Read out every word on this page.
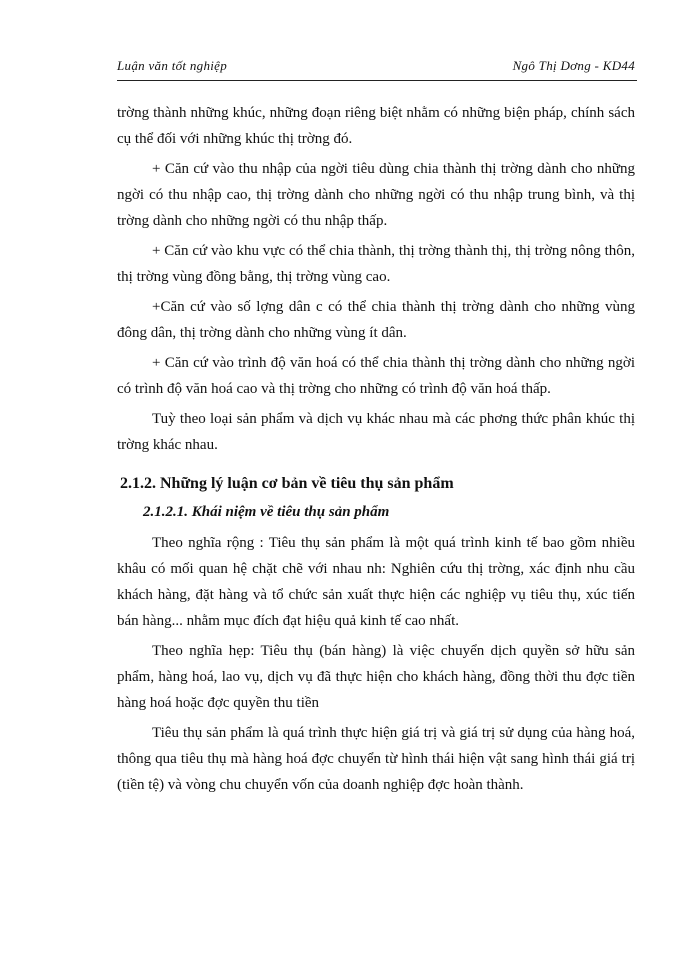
Luận văn tốt nghiệp	Ngô Thị Dơng - KD44

trờng thành những khúc, những đoạn riêng biệt nhằm có những biện pháp, chính sách cụ thể đối với những khúc thị trờng đó.

+ Căn cứ vào thu nhập của ngời tiêu dùng chia thành thị trờng dành cho những ngời có thu nhập cao, thị trờng dành cho những ngời có thu nhập trung bình, và thị trờng dành cho những ngời có thu nhập thấp.

+ Căn cứ vào khu vực có thể chia thành, thị trờng thành thị, thị trờng nông thôn, thị trờng vùng đồng bằng, thị trờng vùng cao.

+Căn cứ vào số lợng dân c có thể chia thành thị trờng dành cho những vùng đông dân, thị trờng dành cho những vùng ít dân.

+ Căn cứ vào trình độ văn hoá có thể chia thành thị trờng dành cho những ngời có trình độ văn hoá cao và thị trờng cho những có trình độ văn hoá thấp.

Tuỳ theo loại sản phẩm và dịch vụ khác nhau mà các phơng thức phân khúc thị trờng khác nhau.

2.1.2. Những lý luận cơ bản về tiêu thụ sản phẩm
2.1.2.1. Khái niệm về tiêu thụ sản phẩm

Theo nghĩa rộng : Tiêu thụ sản phẩm là một quá trình kinh tế bao gồm nhiều khâu có mối quan hệ chặt chẽ với nhau nh: Nghiên cứu thị trờng, xác định nhu cầu khách hàng, đặt hàng và tổ chức sản xuất thực hiện các nghiệp vụ tiêu thụ, xúc tiến bán hàng... nhằm mục đích đạt hiệu quả kinh tế cao nhất.

Theo nghĩa hẹp: Tiêu thụ (bán hàng) là việc chuyển dịch quyền sở hữu sản phẩm, hàng hoá, lao vụ, dịch vụ đã thực hiện cho khách hàng, đồng thời thu đợc tiền hàng hoá hoặc đợc quyền thu tiền

Tiêu thụ sản phẩm là quá trình thực hiện giá trị và giá trị sử dụng của hàng hoá, thông qua tiêu thụ mà hàng hoá đợc chuyển từ hình thái hiện vật sang hình thái giá trị (tiền tệ) và vòng chu chuyển vốn của doanh nghiệp đợc hoàn thành.
